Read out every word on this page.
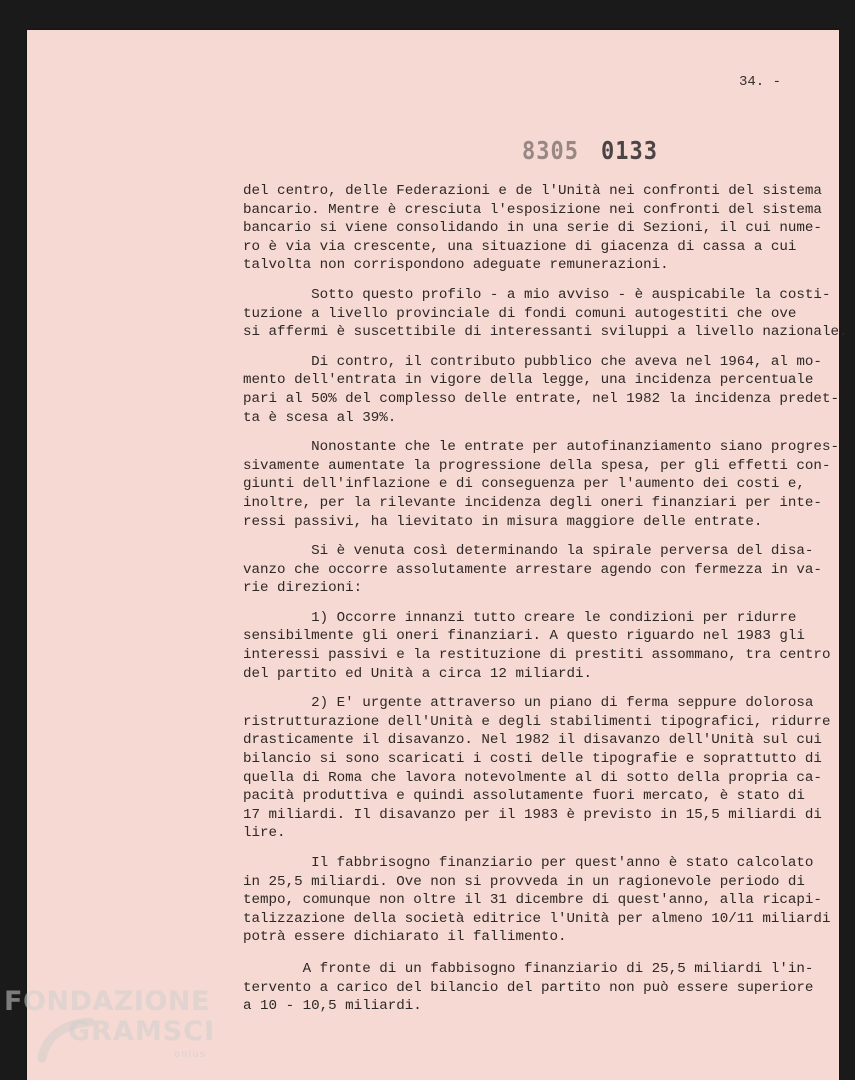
34. -
8305 0133
del centro, delle Federazioni e de l'Unità nei confronti del sistema
bancario. Mentre è cresciuta l'esposizione nei confronti del sistema
bancario si viene consolidando in una serie di Sezioni, il cui nume-
ro è via via crescente, una situazione di giacenza di cassa a cui
talvolta non corrispondono adeguate remunerazioni.
Sotto questo profilo - a mio avviso - è auspicabile la costi-
tuzione a livello provinciale di fondi comuni autogestiti che ove
si affermi è suscettibile di interessanti sviluppi a livello nazionale.
Di contro, il contributo pubblico che aveva nel 1964, al mo-
mento dell'entrata in vigore della legge, una incidenza percentuale
pari al 50% del complesso delle entrate, nel 1982 la incidenza predet-
ta è scesa al 39%.
Nonostante che le entrate per autofinanziamento siano progres-
sivamente aumentate la progressione della spesa, per gli effetti con-
giunti dell'inflazione e di conseguenza per l'aumento dei costi e,
inoltre, per la rilevante incidenza degli oneri finanziari per inte-
ressi passivi, ha lievitato in misura maggiore delle entrate.
Si è venuta così determinando la spirale perversa del disa-
vanzo che occorre assolutamente arrestare agendo con fermezza in va-
rie direzioni:
1) Occorre innanzi tutto creare le condizioni per ridurre
sensibilmente gli oneri finanziari. A questo riguardo nel 1983 gli
interessi passivi e la restituzione di prestiti assommano, tra centro
del partito ed Unità a circa 12 miliardi.
2) E' urgente attraverso un piano di ferma seppure dolorosa
ristrutturazione dell'Unità e degli stabilimenti tipografici, ridurre
drasticamente il disavanzo. Nel 1982 il disavanzo dell'Unità sul cui
bilancio si sono scaricati i costi delle tipografie e soprattutto di
quella di Roma che lavora notevolmente al di sotto della propria ca-
pacità produttiva e quindi assolutamente fuori mercato, è stato di
17 miliardi. Il disavanzo per il 1983 è previsto in 15,5 miliardi di
lire.
Il fabbrisogno finanziario per quest'anno è stato calcolato
in 25,5 miliardi. Ove non si provveda in un ragionevole periodo di
tempo, comunque non oltre il 31 dicembre di quest'anno, alla ricapi-
talizzazione della società editrice l'Unità per almeno 10/11 miliardi
potrà essere dichiarato il fallimento.
A fronte di un fabbisogno finanziario di 25,5 miliardi l'in-
tervento a carico del bilancio del partito non può essere superiore
a 10 - 10,5 miliardi.
FONDAZIONE
GRAMSCI
onlus
